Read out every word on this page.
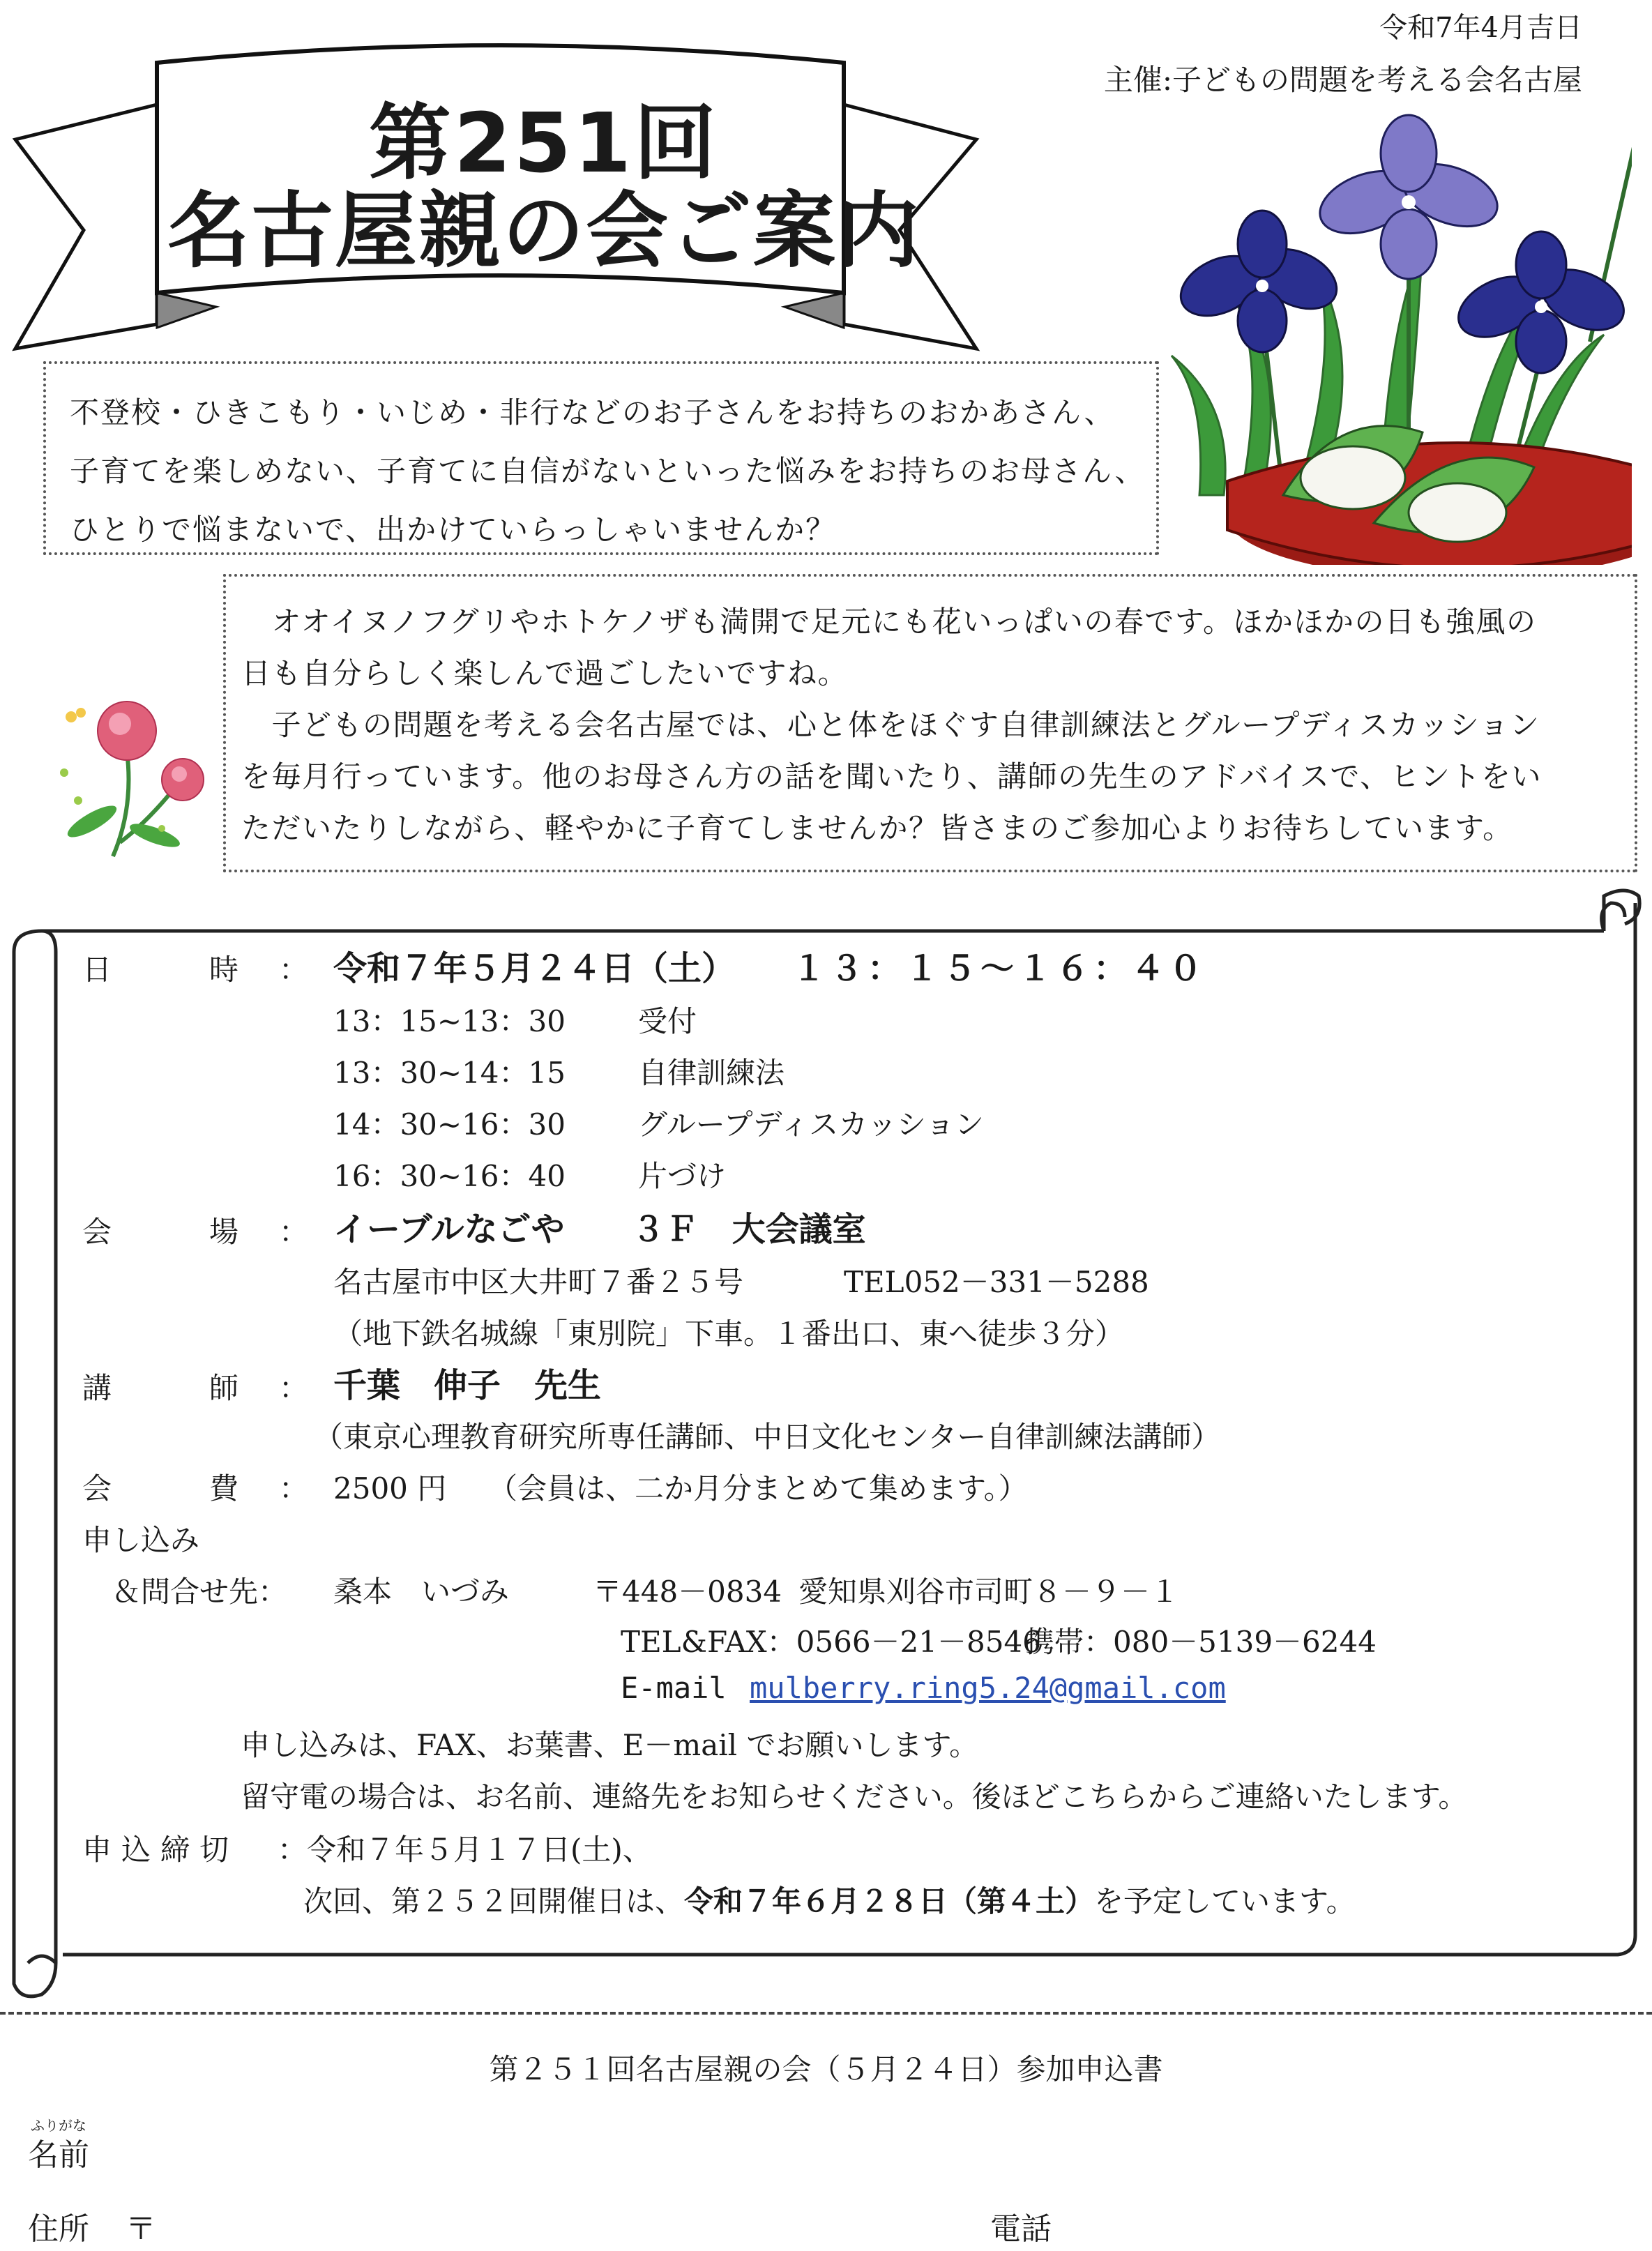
令和7年4月吉日
主催:子どもの問題を考える会名古屋
第251回
名古屋親の会ご案内

不登校・ひきこもり・いじめ・非行などのお子さんをお持ちのおかあさん、

子育てを楽しめない、子育てに自信がないといった悩みをお持ちのお母さん、

ひとりで悩まないで、出かけていらっしゃいませんか？

　オオイヌノフグリやホトケノザも満開で足元にも花いっぱいの春です。ほかほかの日も強風の

日も自分らしく楽しんで過ごしたいですね。

　子どもの問題を考える会名古屋では、心と体をほぐす自律訓練法とグループディスカッション

を毎月行っています。他のお母さん方の話を聞いたり、講師の先生のアドバイスで、ヒントをい

ただいたりしながら、軽やかに子育てしませんか？皆さまのご参加心よりお待ちしています。

日	時 ： 令和７年５月２４日（土） １３：１５〜１６：４０
13：15~13：30 受付
13：30~14：15 自律訓練法
14：30~16：30 グループディスカッション
16：30~16：40 片づけ
会	場 ： イーブルなごや　　３Ｆ　大会議室
名古屋市中区大井町７番２５号	TEL052－331－5288
（地下鉄名城線「東別院」下車。１番出口、東へ徒歩３分）
講	師 ： 千葉　伸子　先生
（東京心理教育研究所専任講師、中日文化センター自律訓練法講師）
会	費 ： 2500 円 （会員は、二か月分まとめて集めます。）
申し込み
＆問合せ先： 桑本　いづみ	〒448－0834 愛知県刈谷市司町８－９－１
TEL&FAX：0566－21－8546
携帯：080－5139－6244
E-mail mulberry.ring5.24@gmail.com
申し込みは、FAX、お葉書、E－mail でお願いします。
留守電の場合は、お名前、連絡先をお知らせください。後ほどこちらからご連絡いたします。
申込締切 ：令和７年５月１７日(土)、
次回、第２５２回開催日は、令和７年６月２８日（第４土）を予定しています。
第２５１回名古屋親の会（５月２４日）参加申込書
ふりがな
名前
住所 〒	電話
